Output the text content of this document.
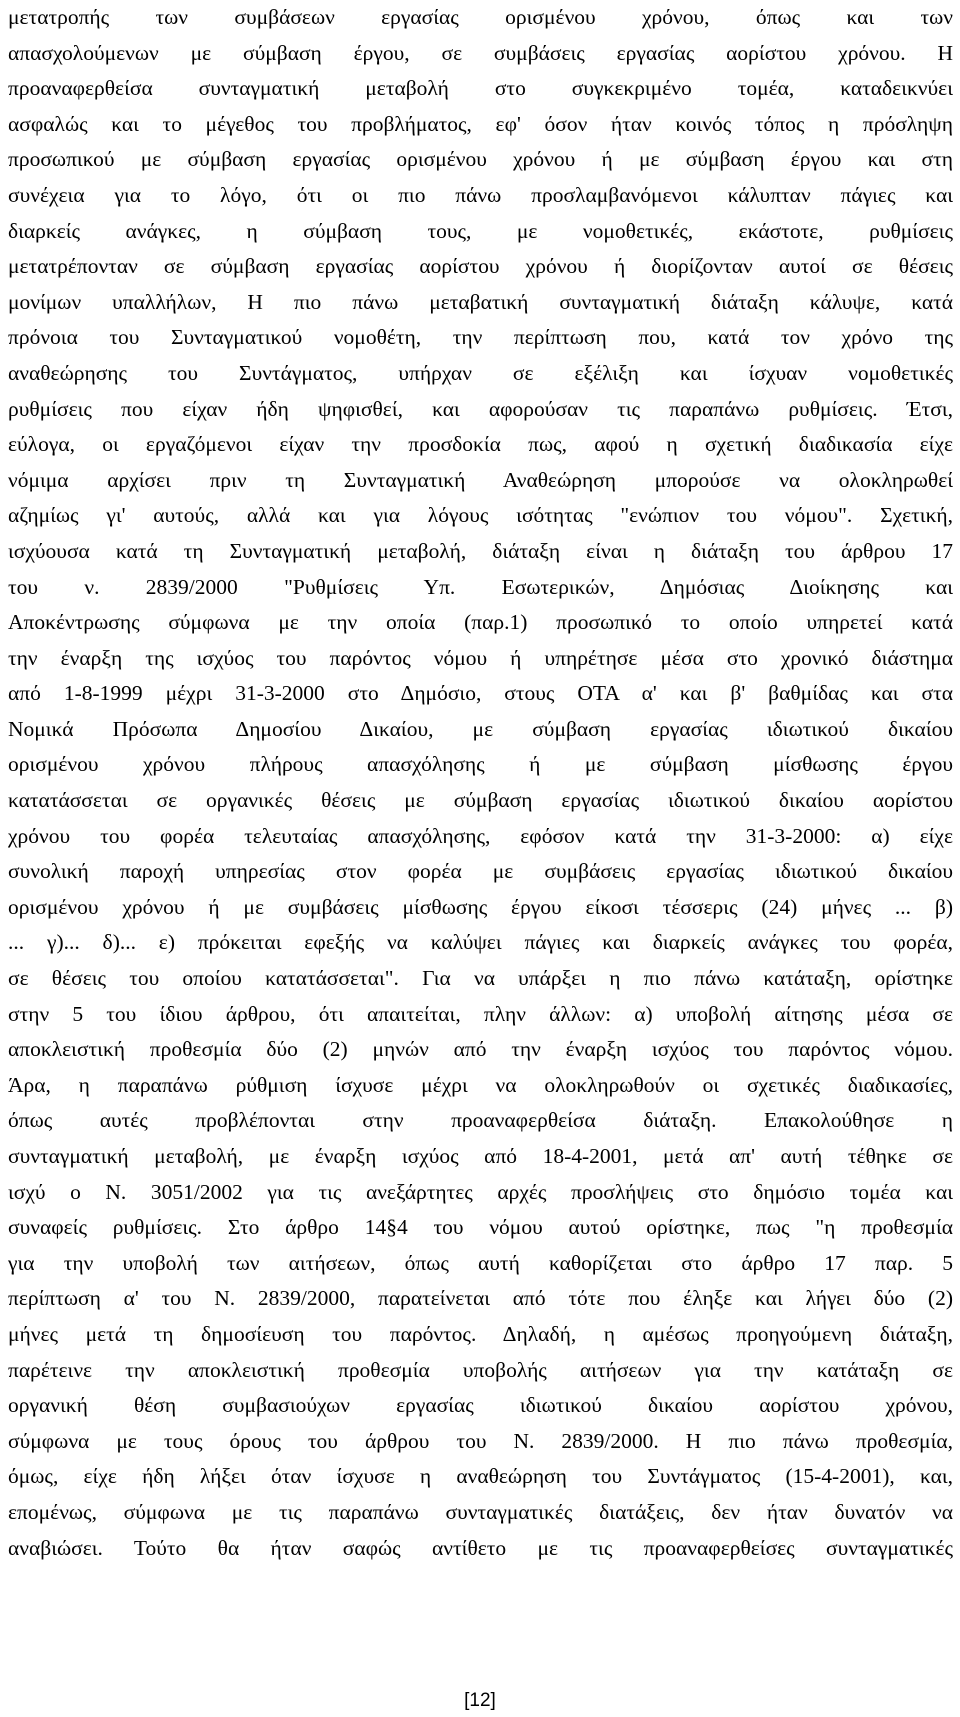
μετατροπής των συμβάσεων εργασίας ορισμένου χρόνου, όπως και των
απασχολούμενων με σύμβαση έργου, σε συμβάσεις εργασίας αορίστου χρόνου. Η
προαναφερθείσα συνταγματική μεταβολή στο συγκεκριμένο τομέα, καταδεικνύει
ασφαλώς και το μέγεθος του προβλήματος, εφ' όσον ήταν κοινός τόπος η πρόσληψη
προσωπικού με σύμβαση εργασίας ορισμένου χρόνου ή με σύμβαση έργου και στη
συνέχεια για το λόγο, ότι οι πιο πάνω προσλαμβανόμενοι κάλυπταν πάγιες και
διαρκείς ανάγκες, η σύμβαση τους, με νομοθετικές, εκάστοτε, ρυθμίσεις
μετατρέπονταν σε σύμβαση εργασίας αορίστου χρόνου ή διορίζονταν αυτοί σε θέσεις
μονίμων υπαλλήλων, Η πιο πάνω μεταβατική συνταγματική διάταξη κάλυψε, κατά
πρόνοια του Συνταγματικού νομοθέτη, την περίπτωση που, κατά τον χρόνο της
αναθεώρησης του Συντάγματος, υπήρχαν σε εξέλιξη και ίσχυαν νομοθετικές
ρυθμίσεις που είχαν ήδη ψηφισθεί, και αφορούσαν τις παραπάνω ρυθμίσεις. Έτσι,
εύλογα, οι εργαζόμενοι είχαν την προσδοκία πως, αφού η σχετική διαδικασία είχε
νόμιμα αρχίσει πριν τη Συνταγματική Αναθεώρηση μπορούσε να ολοκληρωθεί
αζημίως γι' αυτούς, αλλά και για λόγους ισότητας "ενώπιον του νόμου". Σχετική,
ισχύουσα κατά τη Συνταγματική μεταβολή, διάταξη είναι η διάταξη του άρθρου 17
του ν. 2839/2000 "Ρυθμίσεις Υπ. Εσωτερικών, Δημόσιας Διοίκησης και
Αποκέντρωσης σύμφωνα με την οποία (παρ.1) προσωπικό το οποίο υπηρετεί κατά
την έναρξη της ισχύος του παρόντος νόμου ή υπηρέτησε μέσα στο χρονικό διάστημα
από 1-8-1999 μέχρι 31-3-2000 στο Δημόσιο, στους ΟΤΑ α' και β' βαθμίδας και στα
Νομικά Πρόσωπα Δημοσίου Δικαίου, με σύμβαση εργασίας ιδιωτικού δικαίου
ορισμένου χρόνου πλήρους απασχόλησης ή με σύμβαση μίσθωσης έργου
κατατάσσεται σε οργανικές θέσεις με σύμβαση εργασίας ιδιωτικού δικαίου αορίστου
χρόνου του φορέα τελευταίας απασχόλησης, εφόσον κατά την 31-3-2000: α) είχε
συνολική παροχή υπηρεσίας στον φορέα με συμβάσεις εργασίας ιδιωτικού δικαίου
ορισμένου χρόνου ή με συμβάσεις μίσθωσης έργου είκοσι τέσσερις (24) μήνες ... β)
... γ)... δ)... ε) πρόκειται εφεξής να καλύψει πάγιες και διαρκείς ανάγκες του φορέα,
σε θέσεις του οποίου κατατάσσεται". Για να υπάρξει η πιο πάνω κατάταξη, ορίστηκε
στην 5 του ίδιου άρθρου, ότι απαιτείται, πλην άλλων: α) υποβολή αίτησης μέσα σε
αποκλειστική προθεσμία δύο (2) μηνών από την έναρξη ισχύος του παρόντος νόμου.
Άρα, η παραπάνω ρύθμιση ίσχυσε μέχρι να ολοκληρωθούν οι σχετικές διαδικασίες,
όπως αυτές προβλέπονται στην προαναφερθείσα διάταξη. Επακολούθησε η
συνταγματική μεταβολή, με έναρξη ισχύος από 18-4-2001, μετά απ' αυτή τέθηκε σε
ισχύ ο Ν. 3051/2002 για τις ανεξάρτητες αρχές προσλήψεις στο δημόσιο τομέα και
συναφείς ρυθμίσεις. Στο άρθρο 14§4 του νόμου αυτού ορίστηκε, πως "η προθεσμία
για την υποβολή των αιτήσεων, όπως αυτή καθορίζεται στο άρθρο 17 παρ. 5
περίπτωση α' του Ν. 2839/2000, παρατείνεται από τότε που έληξε και λήγει δύο (2)
μήνες μετά τη δημοσίευση του παρόντος. Δηλαδή, η αμέσως προηγούμενη διάταξη,
παρέτεινε την αποκλειστική προθεσμία υποβολής αιτήσεων για την κατάταξη σε
οργανική θέση συμβασιούχων εργασίας ιδιωτικού δικαίου αορίστου χρόνου,
σύμφωνα με τους όρους του άρθρου του Ν. 2839/2000. Η πιο πάνω προθεσμία,
όμως, είχε ήδη λήξει όταν ίσχυσε η αναθεώρηση του Συντάγματος (15-4-2001), και,
επομένως, σύμφωνα με τις παραπάνω συνταγματικές διατάξεις, δεν ήταν δυνατόν να
αναβιώσει. Τούτο θα ήταν σαφώς αντίθετο με τις προαναφερθείσες συνταγματικές
[12]
